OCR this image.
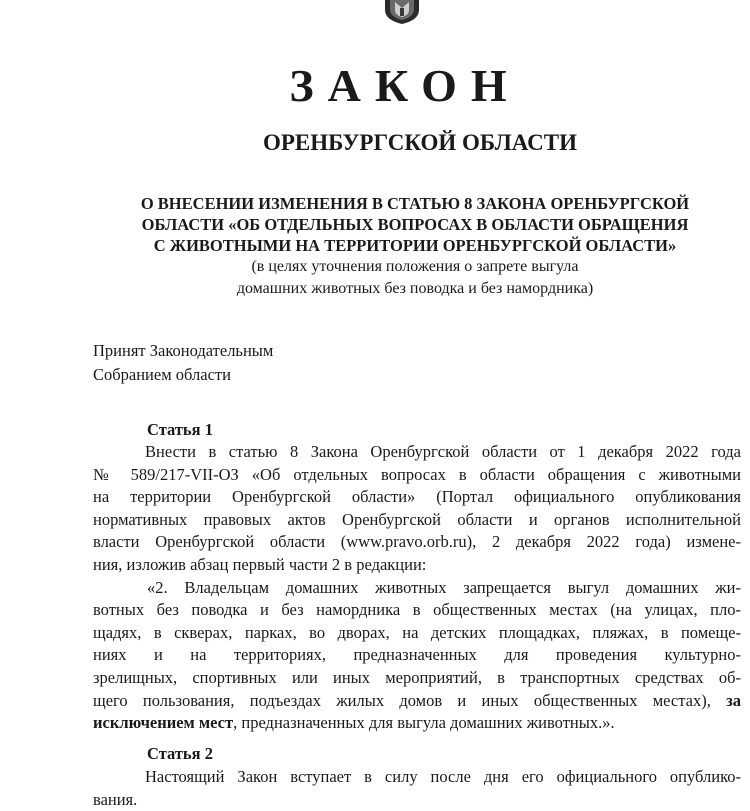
ЗАКОН
ОРЕНБУРГСКОЙ ОБЛАСТИ
О ВНЕСЕНИИ ИЗМЕНЕНИЯ В СТАТЬЮ 8 ЗАКОНА ОРЕНБУРГСКОЙ
ОБЛАСТИ «ОБ ОТДЕЛЬНЫХ ВОПРОСАХ В ОБЛАСТИ ОБРАЩЕНИЯ
С ЖИВОТНЫМИ НА ТЕРРИТОРИИ ОРЕНБУРГСКОЙ ОБЛАСТИ»
(в целях уточнения положения о запрете выгула
домашних животных без поводка и без намордника)
Принят Законодательным
Собранием области
Статья 1
Внести в статью 8 Закона Оренбургской области от 1 декабря 2022 года
№ 589/217-VII-ОЗ «Об отдельных вопросах в области обращения с животными
на территории Оренбургской области» (Портал официального опубликования
нормативных правовых актов Оренбургской области и органов исполнительной
власти Оренбургской области (www.pravo.orb.ru), 2 декабря 2022 года) измене-
ния, изложив абзац первый части 2 в редакции:
«2. Владельцам домашних животных запрещается выгул домашних жи-
вотных без поводка и без намордника в общественных местах (на улицах, пло-
щадях, в скверах, парках, во дворах, на детских площадках, пляжах, в помеще-
ниях и на территориях, предназначенных для проведения культурно-
зрелищных, спортивных или иных мероприятий, в транспортных средствах об-
щего пользования, подъездах жилых домов и иных общественных местах), за
исключением мест, предназначенных для выгула домашних животных.».
Статья 2
Настоящий Закон вступает в силу после дня его официального опублико-
вания.
